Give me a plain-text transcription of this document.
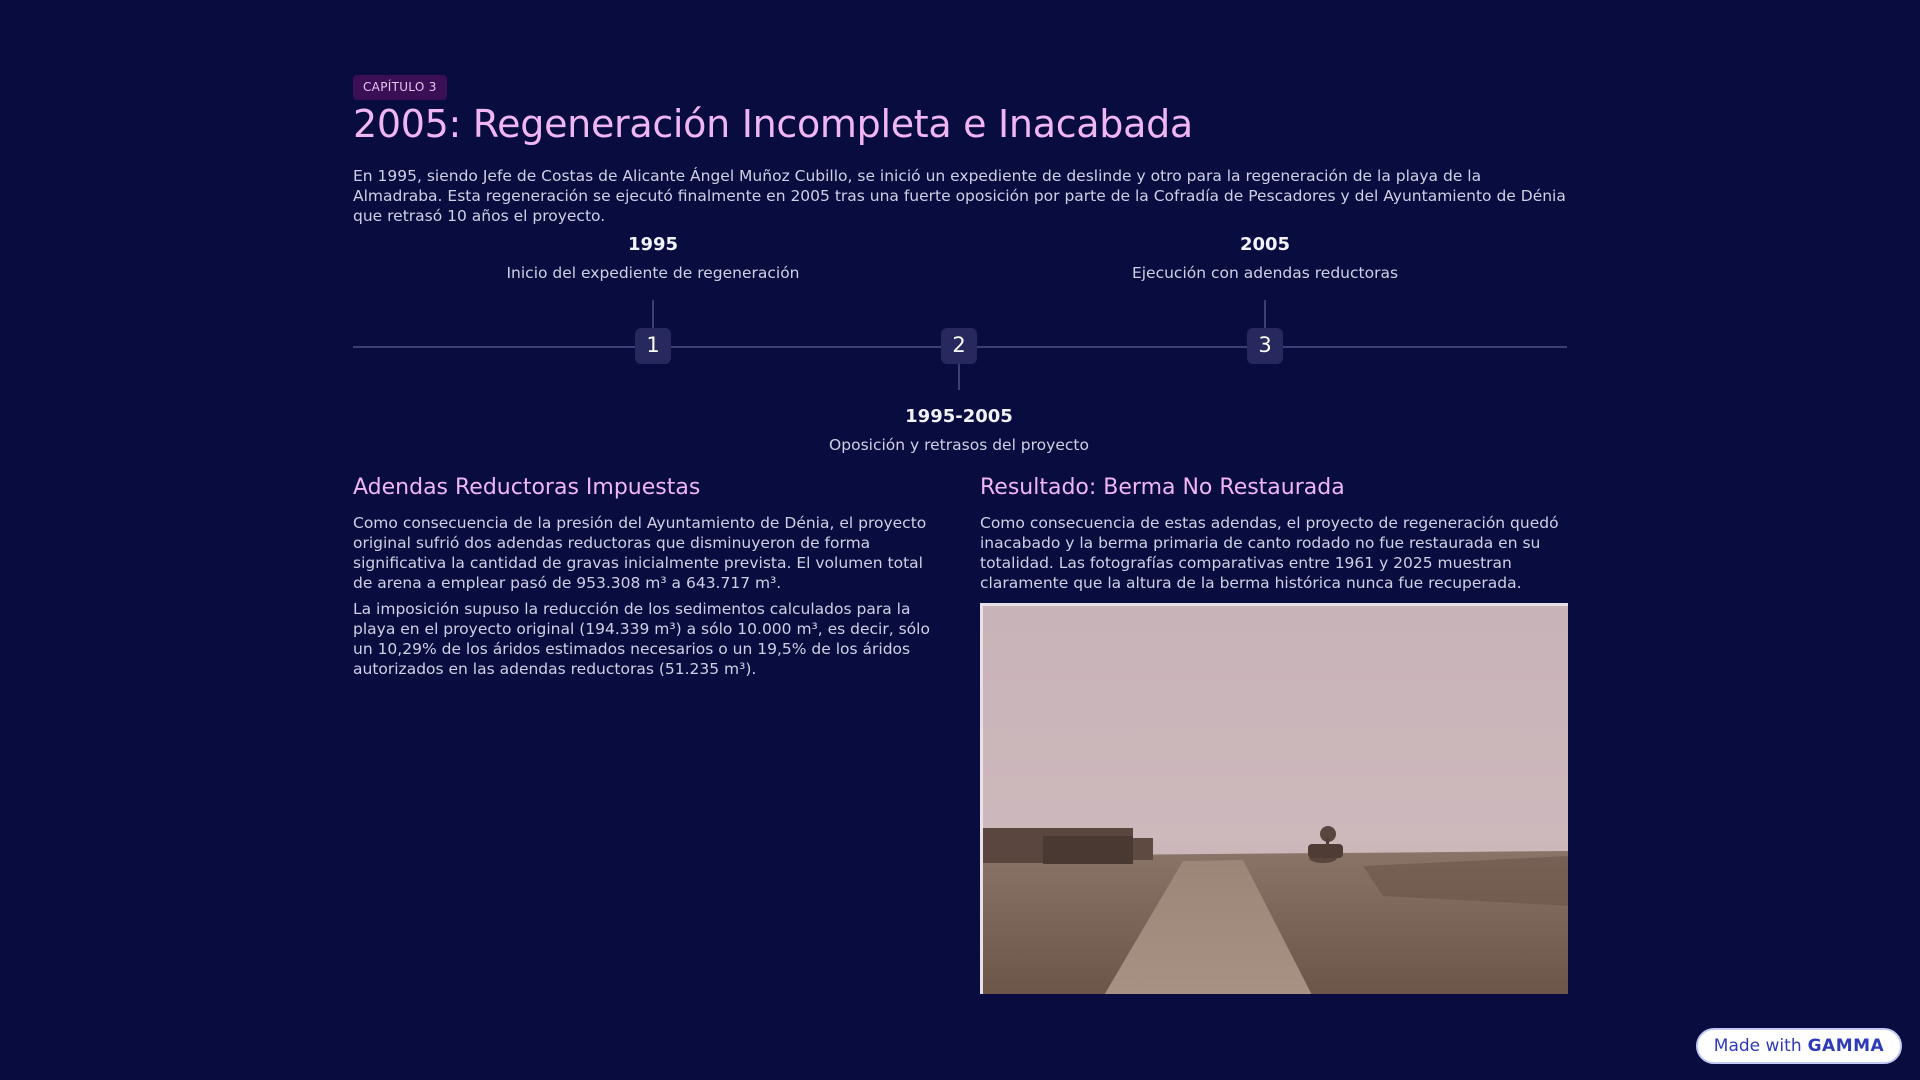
CAPÍTULO 3
2005: Regeneración Incompleta e Inacabada

En 1995, siendo Jefe de Costas de Alicante Ángel Muñoz Cubillo, se inició un expediente de deslinde y otro para la regeneración de la playa de la Almadraba. Esta regeneración se ejecutó finalmente en 2005 tras una fuerte oposición por parte de la Cofradía de Pescadores y del Ayuntamiento de Dénia que retrasó 10 años el proyecto.

1995
Inicio del expediente de regeneración
1	2
1995-2005
Oposición y retrasos del proyecto
2005
Ejecución con adendas reductoras
3
Adendas Reductoras Impuestas

Como consecuencia de la presión del Ayuntamiento de Dénia, el proyecto original sufrió dos adendas reductoras que disminuyeron de forma significativa la cantidad de gravas inicialmente prevista. El volumen total de arena a emplear pasó de 953.308 m³ a 643.717 m³.

La imposición supuso la reducción de los sedimentos calculados para la playa en el proyecto original (194.339 m³) a sólo 10.000 m³, es decir, sólo un 10,29% de los áridos estimados necesarios o un 19,5% de los áridos autorizados en las adendas reductoras (51.235 m³).

Resultado: Berma No Restaurada

Como consecuencia de estas adendas, el proyecto de regeneración quedó inacabado y la berma primaria de canto rodado no fue restaurada en su totalidad. Las fotografías comparativas entre 1961 y 2025 muestran claramente que la altura de la berma histórica nunca fue recuperada.

Made with GAMMA
